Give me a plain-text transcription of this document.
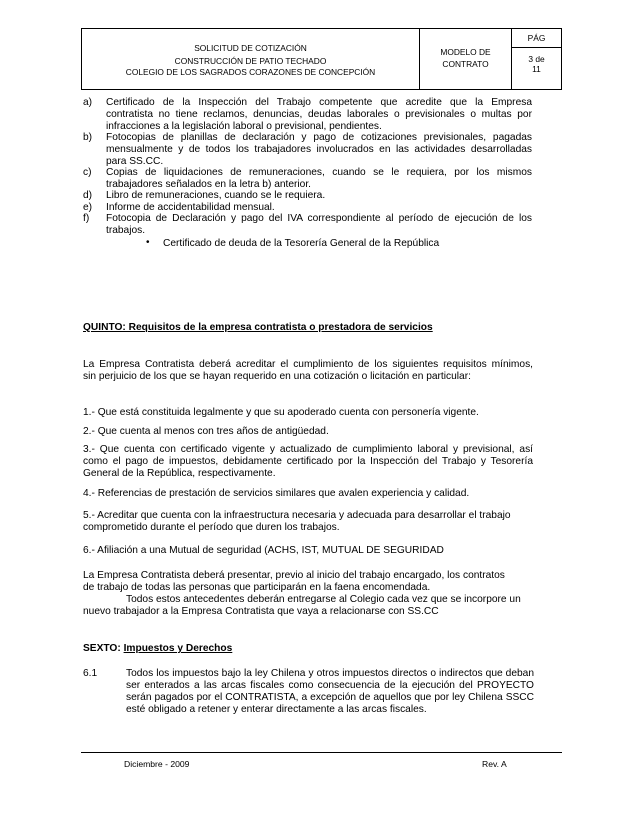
SOLICITUD DE COTIZACIÓN
CONSTRUCCIÓN DE PATIO TECHADO
COLEGIO DE LOS SAGRADOS CORAZONES DE CONCEPCIÓN
MODELO DE
CONTRATO
PÁG
3 de
11
a) Certificado de la Inspección del Trabajo competente que acredite que la Empresa
contratista no tiene reclamos, denuncias, deudas laborales o previsionales o multas por
infracciones a la legislación laboral o previsional, pendientes.
b) Fotocopias de planillas de declaración y pago de cotizaciones previsionales, pagadas
mensualmente y de todos los trabajadores involucrados en las actividades desarrolladas
para SS.CC.
c) Copias de liquidaciones de remuneraciones, cuando se le requiera, por los mismos
trabajadores señalados en la letra b) anterior.
d) Libro de remuneraciones, cuando se le requiera.
e) Informe de accidentabilidad mensual.
f) Fotocopia de Declaración y pago del IVA correspondiente al período de ejecución de los
trabajos.
• Certificado de deuda de la Tesorería General de la República
QUINTO: Requisitos de la empresa contratista o prestadora de servicios
La Empresa Contratista deberá acreditar el cumplimiento de los siguientes requisitos mínimos,
sin perjuicio de los que se hayan requerido en una cotización o licitación en particular:
1.- Que está constituida legalmente y que su apoderado cuenta con personería vigente.
2.- Que cuenta al menos con tres años de antigüedad.
3.- Que cuenta con certificado vigente y actualizado de cumplimiento laboral y previsional, así
como el pago de impuestos, debidamente certificado por la Inspección del Trabajo y Tesorería
General de la República, respectivamente.
4.- Referencias de prestación de servicios similares que avalen experiencia y calidad.
5.- Acreditar que cuenta con la infraestructura necesaria y adecuada para desarrollar el trabajo
comprometido durante el período que duren los trabajos.
6.- Afiliación a una Mutual de seguridad (ACHS, IST, MUTUAL DE SEGURIDAD
La Empresa Contratista deberá presentar, previo al inicio del trabajo encargado, los contratos
de trabajo de todas las personas que participarán en la faena encomendada.
Todos estos antecedentes deberán entregarse al Colegio cada vez que se incorpore un
nuevo trabajador a la Empresa Contratista que vaya a relacionarse con SS.CC
SEXTO: Impuestos y Derechos
6.1	Todos los impuestos bajo la ley Chilena y otros impuestos directos o indirectos que deban
ser enterados a las arcas fiscales como consecuencia de la ejecución del PROYECTO
serán pagados por el CONTRATISTA, a excepción de aquellos que por ley Chilena SSCC
esté obligado a retener y enterar directamente a las arcas fiscales.
Diciembre - 2009	Rev. A
